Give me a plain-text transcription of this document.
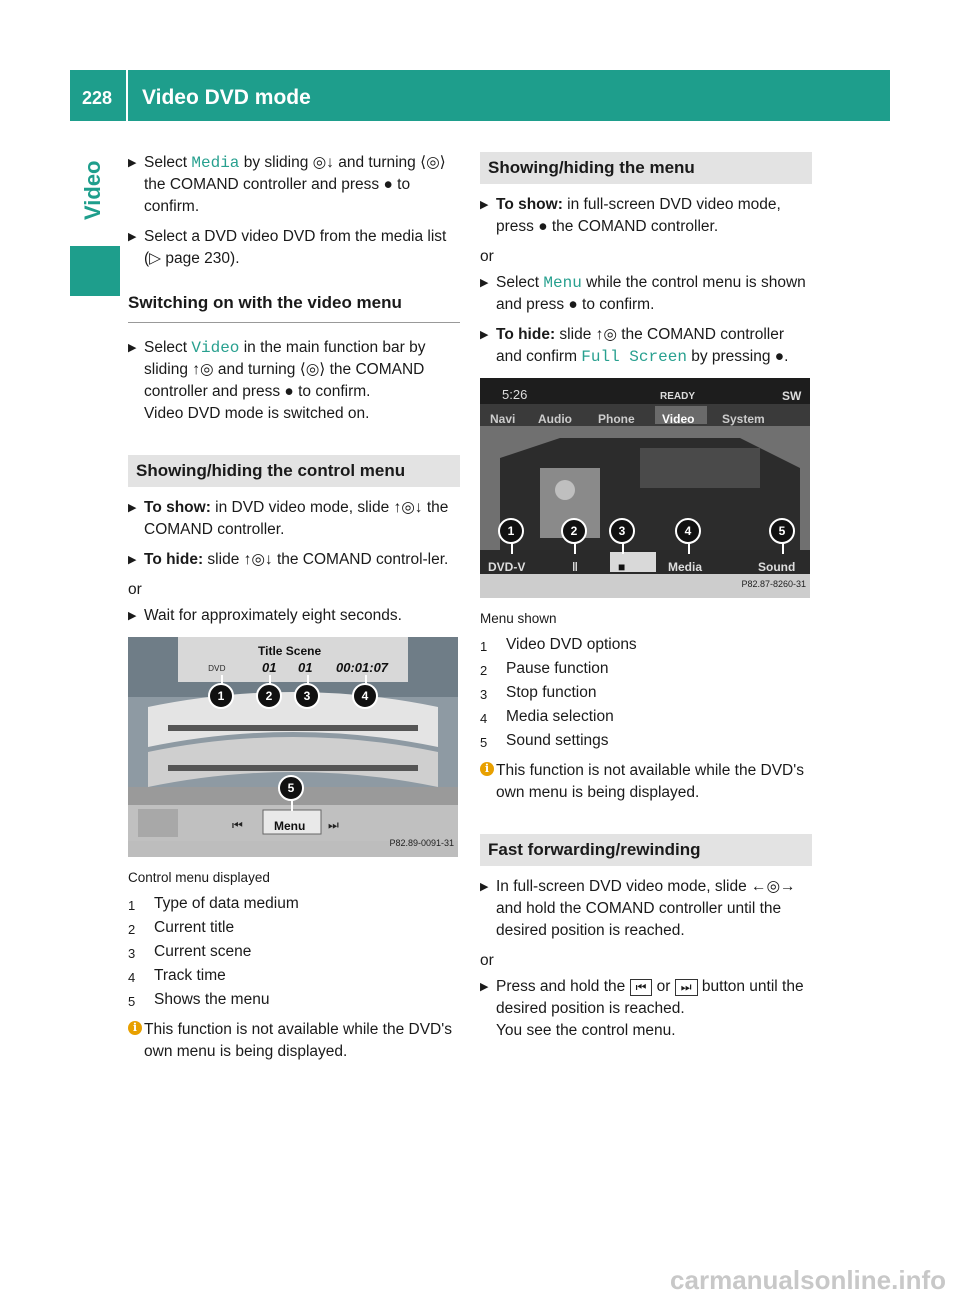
228 Video DVD mode
Video ▶ Select Media by sliding ◎↓ and turning ⟨◎⟩ the COMAND controller and press ● to confirm.
▶ Select a DVD video DVD from the media list (▷ page 230).
Switching on with the video menu
▶ Select Video in the main function bar by sliding ↑◎ and turning ⟨◎⟩ the COMAND controller and press ● to confirm.
Video DVD mode is switched on.
Showing/hiding the control menu
▶ To show: in DVD video mode, slide ↑◎↓ the COMAND controller.
▶ To hide: slide ↑◎↓ the COMAND control-ler.
or
▶ Wait for approximately eight seconds.
⏮	⏭
DVD
Title Scene
01 01 00:01:07
Menu
1	2	3	4
5
P82.89-0091-31
Control menu displayed
1 Type of data medium
2 Current title
3 Current scene
4 Track time
5 Shows the menu
i This function is not available while the DVD's own menu is being displayed.
Showing/hiding the menu
▶ To show: in full-screen DVD video mode, press ● the COMAND controller.
or
▶ Select Menu while the control menu is shown and press ● to confirm.
▶ To hide: slide ↑◎ the COMAND controller and confirm Full Screen by pressing ●.
5:26	READY	SW
Navi Audio Phone Video System
DVD-V	‖	■	Media	Sound
1	2	3	4	5
P82.87-8260-31
Menu shown
1 Video DVD options
2 Pause function
3 Stop function
4 Media selection
5 Sound settings
i This function is not available while the DVD's own menu is being displayed.
Fast forwarding/rewinding
▶ In full-screen DVD video mode, slide ←◎→ and hold the COMAND controller until the desired position is reached.
or
▶ Press and hold the ⏮ or ⏭ button until the desired position is reached.
You see the control menu.
carmanualsonline.info
